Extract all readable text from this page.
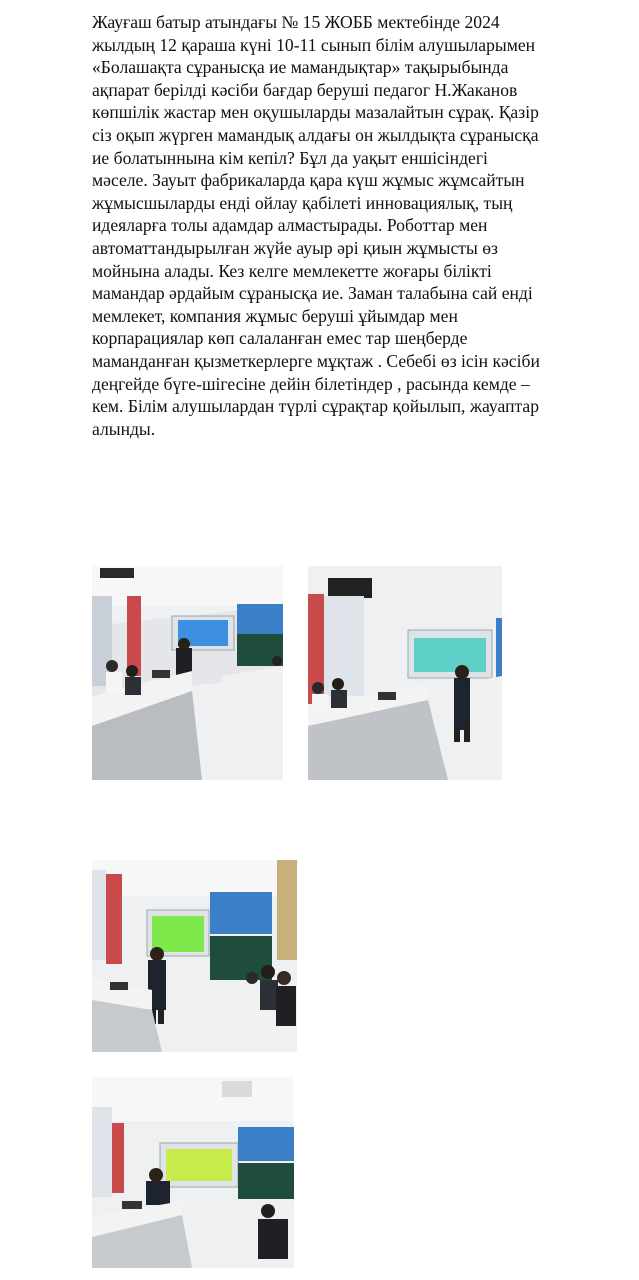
Жауғаш батыр атындағы № 15 ЖОББ мектебінде 2024
жылдың 12 қараша күні 10-11 сынып білім алушыларымен
«Болашақта сұранысқа ие мамандықтар» тақырыбында
ақпарат берілді кәсіби бағдар беруші педагог Н.Жаканов
көпшілік жастар мен оқушыларды мазалайтын сұрақ. Қазір
сіз оқып жүрген мамандық алдағы он жылдықта сұранысқа
ие болатыннына кім кепіл? Бұл да уақыт еншісіндегі
мәселе. Зауыт фабрикаларда қара күш жұмыс жұмсайтын
жұмысшыларды енді ойлау қабілеті инновациялық, тың
идеяларға толы адамдар алмастырады. Роботтар мен
автоматтандырылған жүйе ауыр әрі қиын жұмысты өз
мойнына алады. Кез келге мемлекетте жоғары білікті
мамандар әрдайым сұранысқа ие. Заман талабына сай енді
мемлекет, компания жұмыс беруші ұйымдар мен
корпарациялар көп салаланған емес тар шеңберде
маманданған қызметкерлерге мұқтаж . Себебі өз ісін кәсіби
деңгейде бүге-шігесіне дейін білетіндер , расында кемде –
кем. Білім алушылардан түрлі сұрақтар қойылып, жауаптар
алынды.
